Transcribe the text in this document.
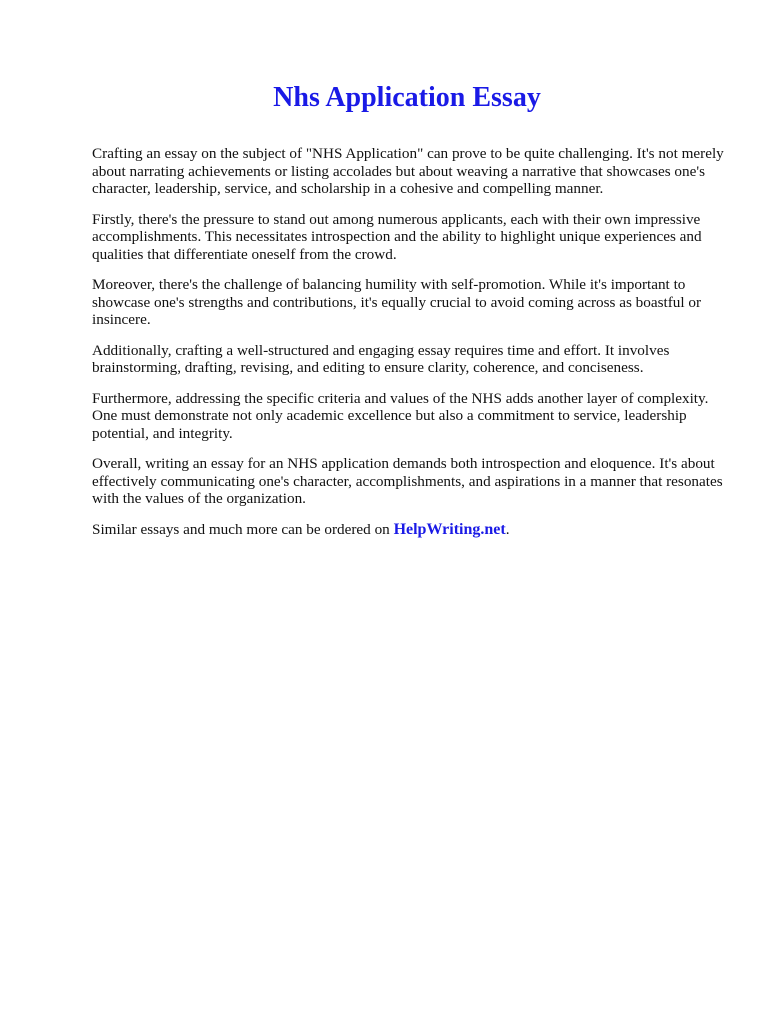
Nhs Application Essay

Crafting an essay on the subject of "NHS Application" can prove to be quite challenging. It's not merely about narrating achievements or listing accolades but about weaving a narrative that showcases one's character, leadership, service, and scholarship in a cohesive and compelling manner.

Firstly, there's the pressure to stand out among numerous applicants, each with their own impressive accomplishments. This necessitates introspection and the ability to highlight unique experiences and qualities that differentiate oneself from the crowd.

Moreover, there's the challenge of balancing humility with self-promotion. While it's important to showcase one's strengths and contributions, it's equally crucial to avoid coming across as boastful or insincere.

Additionally, crafting a well-structured and engaging essay requires time and effort. It involves brainstorming, drafting, revising, and editing to ensure clarity, coherence, and conciseness.

Furthermore, addressing the specific criteria and values of the NHS adds another layer of complexity. One must demonstrate not only academic excellence but also a commitment to service, leadership potential, and integrity.

Overall, writing an essay for an NHS application demands both introspection and eloquence. It's about effectively communicating one's character, accomplishments, and aspirations in a manner that resonates with the values of the organization.

Similar essays and much more can be ordered on HelpWriting.net.
